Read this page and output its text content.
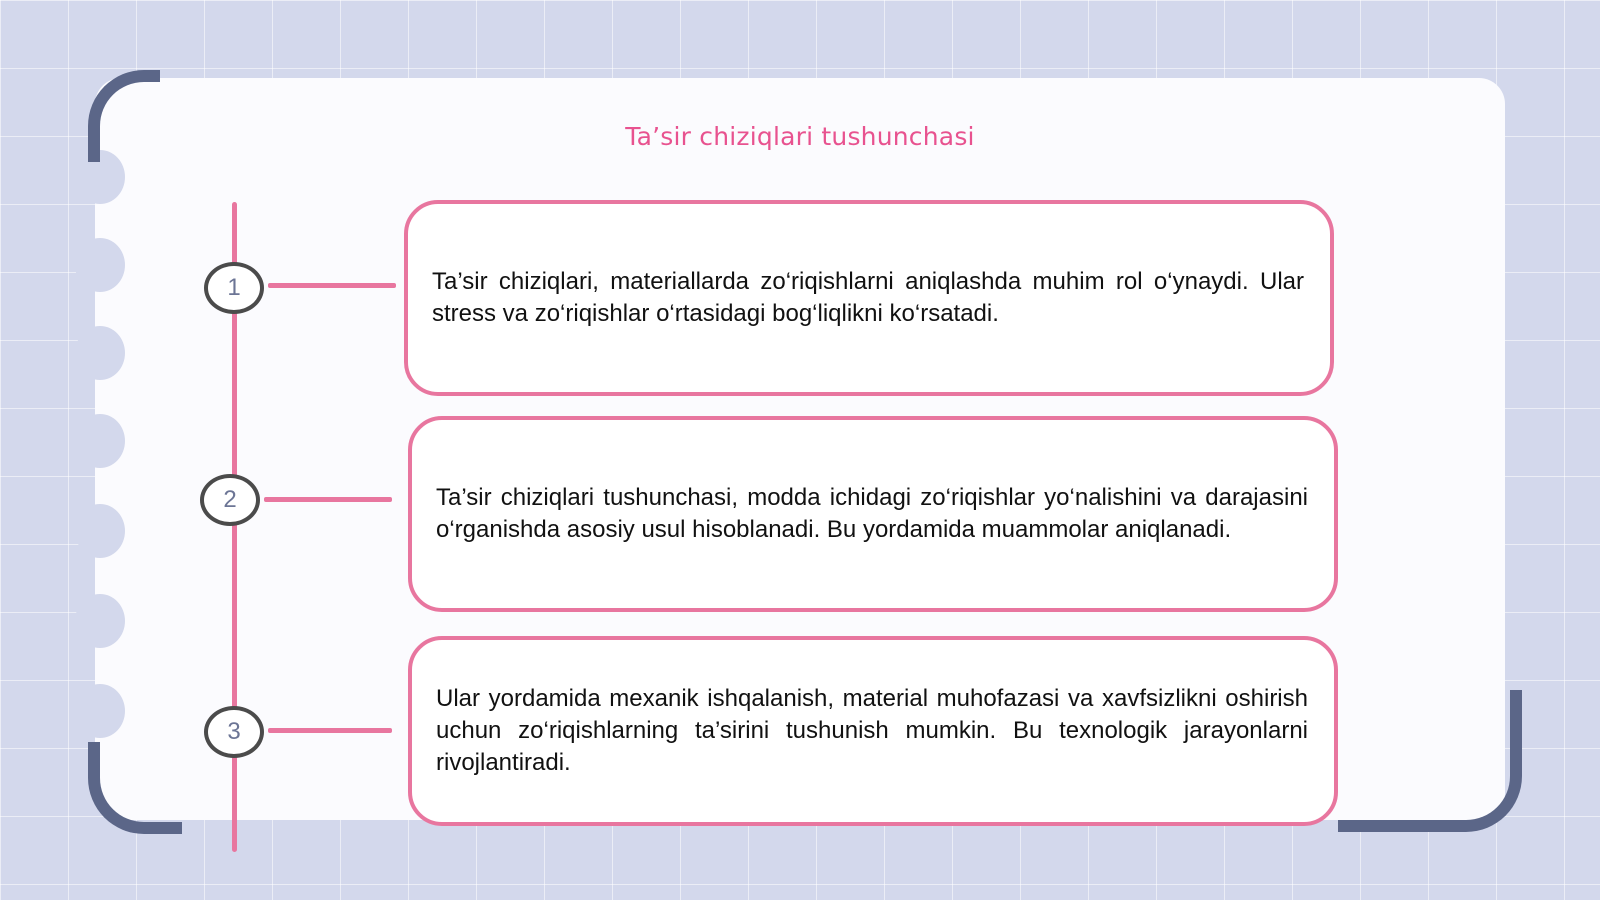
Ta’sir chiziqlari tushunchasi
1
2
3

Ta’sir chiziqlari, materiallarda zo‘riqishlarni aniqlashda muhim rol o‘ynaydi. Ular stress va zo‘riqishlar o‘rtasidagi bog‘liqlikni ko‘rsatadi.

Ta’sir chiziqlari tushunchasi, modda ichidagi zo‘riqishlar yo‘nalishini va darajasini o‘rganishda asosiy usul hisoblanadi. Bu yordamida muammolar aniqlanadi.

Ular yordamida mexanik ishqalanish, material muhofazasi va xavfsizlikni oshirish uchun zo‘riqishlarning ta’sirini tushunish mumkin. Bu texnologik jarayonlarni rivojlantiradi.
